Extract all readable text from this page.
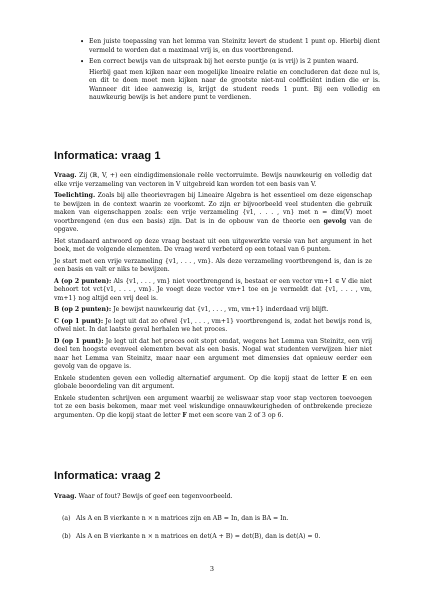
• Een juiste toepassing van het lemma van Steinitz levert de student 1 punt op. Hierbij dient vermeld te worden dat α maximaal vrij is, en dus voortbrengend.

• Een correct bewijs van de uitspraak bij het eerste puntje (α is vrij) is 2 punten waard.

Hierbij gaat men kijken naar een mogelijke lineaire relatie en concluderen dat deze nul is, en dit te doen moet men kijken naar de grootste niet-nul coëfficiënt indien die er is. Wanneer dit idee aanwezig is, krijgt de student reeds 1 punt. Bij een volledig en nauwkeurig bewijs is het andere punt te verdienen.

Informatica: vraag 1

Vraag. Zij (ℝ, V, +) een eindigdimensionale reële vectorruimte. Bewijs nauwkeurig en volledig dat elke vrije verzameling van vectoren in V uitgebreid kan worden tot een basis van V.

Toelichting. Zoals bij alle theorievragen bij Lineaire Algebra is het essentieel om deze eigenschap te bewijzen in de context waarin ze voorkomt. Zo zijn er bijvoorbeeld veel studenten die gebruik maken van eigenschappen zoals: een vrije verzameling {v1, . . . , vn} met n = dim(V) moet voortbrengend (en dus een basis) zijn. Dat is in de opbouw van de theorie een gevolg van de opgave.

Het standaard antwoord op deze vraag bestaat uit een uitgewerkte versie van het argument in het boek, met de volgende elementen. De vraag werd verbeterd op een totaal van 6 punten.

Je start met een vrije verzameling {v1, . . . , vm}. Als deze verzameling voortbrengend is, dan is ze een basis en valt er niks te bewijzen.

A (op 2 punten): Als {v1, . . . , vm} niet voortbrengend is, bestaat er een vector vm+1 ∈ V die niet behoort tot vct{v1, . . . , vm}. Je voegt deze vector vm+1 toe en je vermeldt dat {v1, . . . , vm, vm+1} nog altijd een vrij deel is.

B (op 2 punten): Je bewijst nauwkeurig dat {v1, . . . , vm, vm+1} inderdaad vrij blijft.

C (op 1 punt): Je legt uit dat zo ofwel {v1, . . . , vm+1} voortbrengend is, zodat het bewijs rond is, ofwel niet. In dat laatste geval herhalen we het proces.

D (op 1 punt): Je legt uit dat het proces ooit stopt omdat, wegens het Lemma van Steinitz, een vrij deel ten hoogste evenveel elementen bevat als een basis. Nogal wat studenten verwijzen hier niet naar het Lemma van Steinitz, maar naar een argument met dimensies dat opnieuw eerder een gevolg van de opgave is.

Enkele studenten geven een volledig alternatief argument. Op die kopij staat de letter E en een globale beoordeling van dit argument.

Enkele studenten schrijven een argument waarbij ze weliswaar stap voor stap vectoren toevoegen tot ze een basis bekomen, maar met veel wiskundige onnauwkeurigheden of ontbrekende precieze argumenten. Op die kopij staat de letter F met een score van 2 of 3 op 6.

Informatica: vraag 2

Vraag. Waar of fout? Bewijs of geef een tegenvoorbeeld.

(a) Als A en B vierkante n × n matrices zijn en AB = In, dan is BA = In.
(b) Als A en B vierkante n × n matrices en det(A + B) = det(B), dan is det(A) = 0.
3
